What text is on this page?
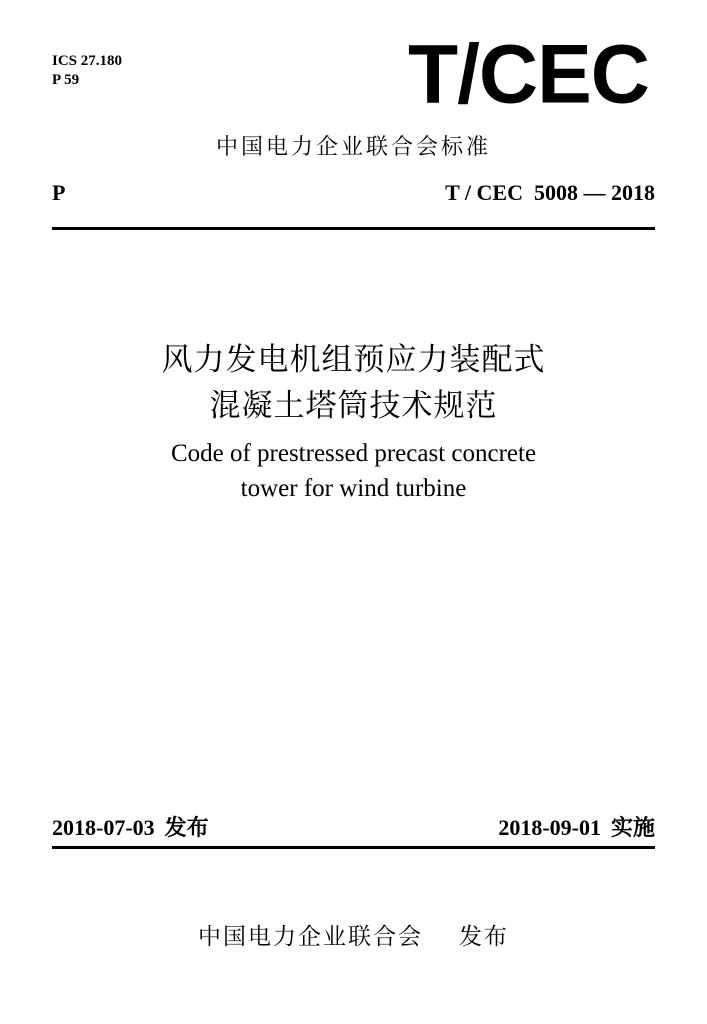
ICS 27.180
P 59	T/CEC
中国电力企业联合会标准
P	T / CEC  5008 — 2018
风力发电机组预应力装配式
混凝土塔筒技术规范
Code of prestressed precast concrete
tower for wind turbine
2018-07-03 发布	2018-09-01 实施
中国电力企业联合会 发布
